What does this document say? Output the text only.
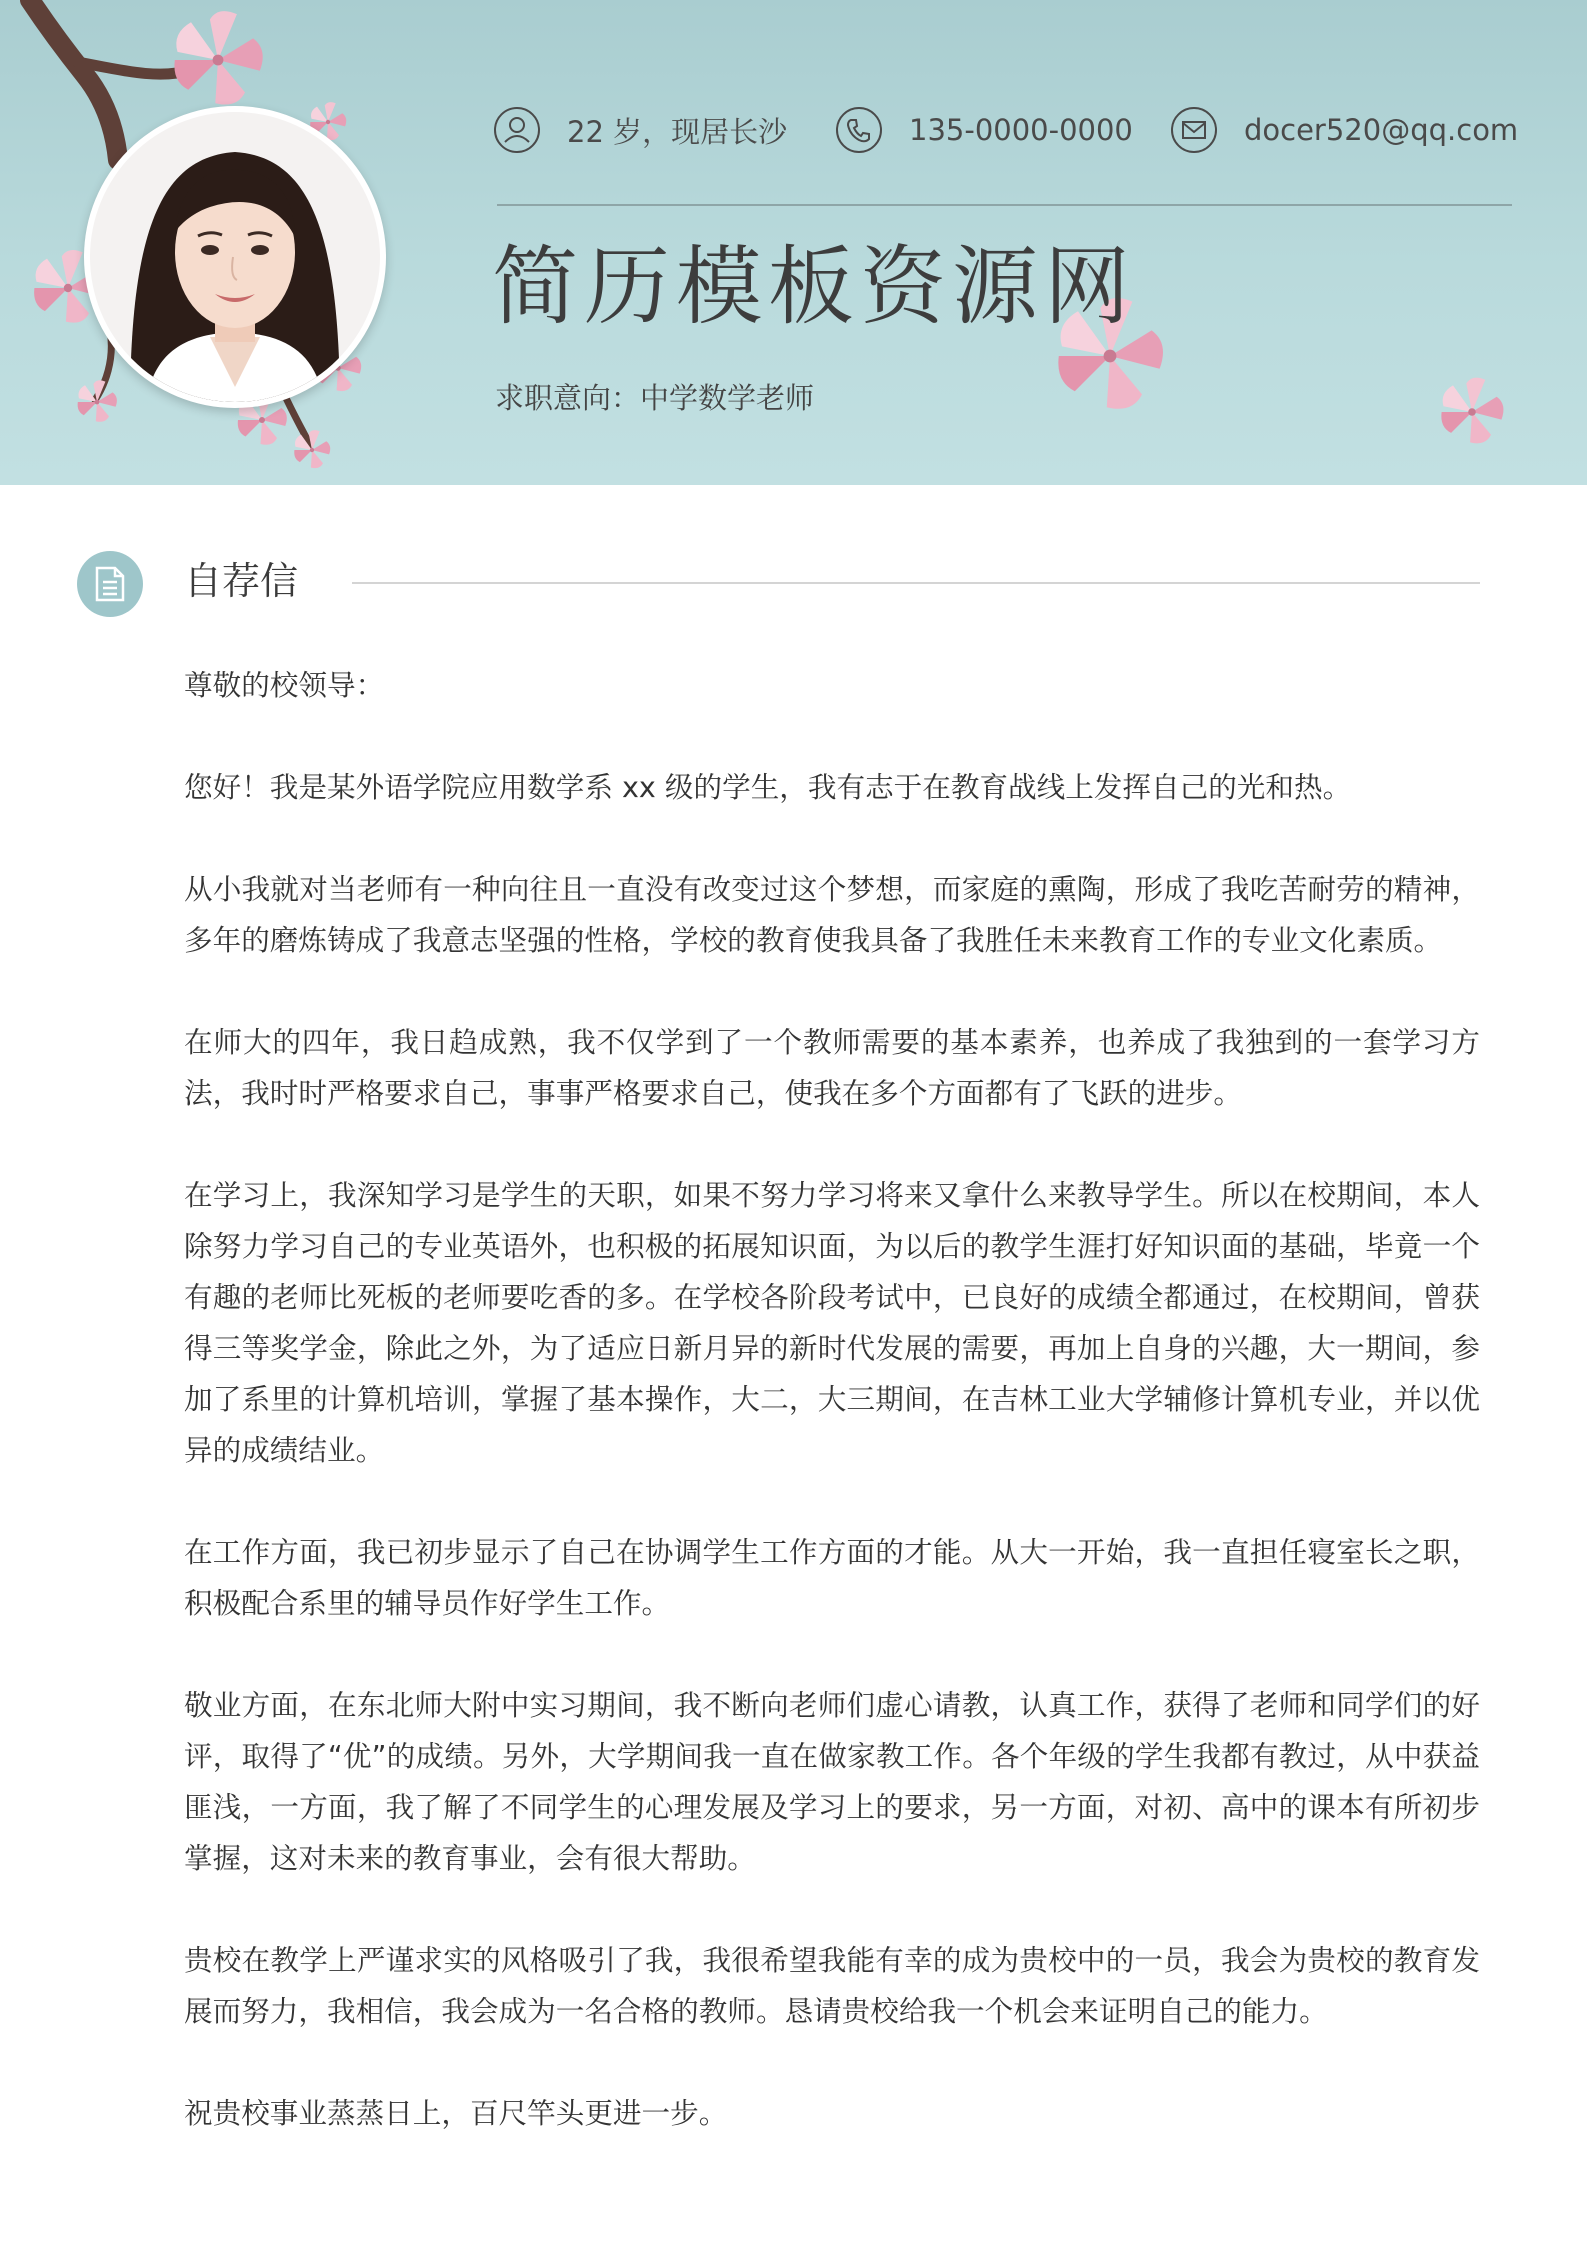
22 岁，现居长沙	135-0000-0000	docer520@qq.com
简历模板资源网
求职意向：中学数学老师
自荐信

尊敬的校领导：

您好！我是某外语学院应用数学系 xx 级的学生，我有志于在教育战线上发挥自己的光和热。

从小我就对当老师有一种向往且一直没有改变过这个梦想，而家庭的熏陶，形成了我吃苦耐劳的精神，多年的磨炼铸成了我意志坚强的性格，学校的教育使我具备了我胜任未来教育工作的专业文化素质。

在师大的四年，我日趋成熟，我不仅学到了一个教师需要的基本素养，也养成了我独到的一套学习方法，我时时严格要求自己，事事严格要求自己，使我在多个方面都有了飞跃的进步。

在学习上，我深知学习是学生的天职，如果不努力学习将来又拿什么来教导学生。所以在校期间，本人除努力学习自己的专业英语外，也积极的拓展知识面，为以后的教学生涯打好知识面的基础，毕竟一个有趣的老师比死板的老师要吃香的多。在学校各阶段考试中，已良好的成绩全都通过，在校期间，曾获得三等奖学金，除此之外，为了适应日新月异的新时代发展的需要，再加上自身的兴趣，大一期间，参加了系里的计算机培训，掌握了基本操作，大二，大三期间，在吉林工业大学辅修计算机专业，并以优异的成绩结业。

在工作方面，我已初步显示了自己在协调学生工作方面的才能。从大一开始，我一直担任寝室长之职，积极配合系里的辅导员作好学生工作。

敬业方面，在东北师大附中实习期间，我不断向老师们虚心请教，认真工作，获得了老师和同学们的好评，取得了“优”的成绩。另外，大学期间我一直在做家教工作。各个年级的学生我都有教过，从中获益匪浅，一方面，我了解了不同学生的心理发展及学习上的要求，另一方面，对初、高中的课本有所初步掌握，这对未来的教育事业，会有很大帮助。

贵校在教学上严谨求实的风格吸引了我，我很希望我能有幸的成为贵校中的一员，我会为贵校的教育发展而努力，我相信，我会成为一名合格的教师。恳请贵校给我一个机会来证明自己的能力。

祝贵校事业蒸蒸日上，百尺竿头更进一步。
